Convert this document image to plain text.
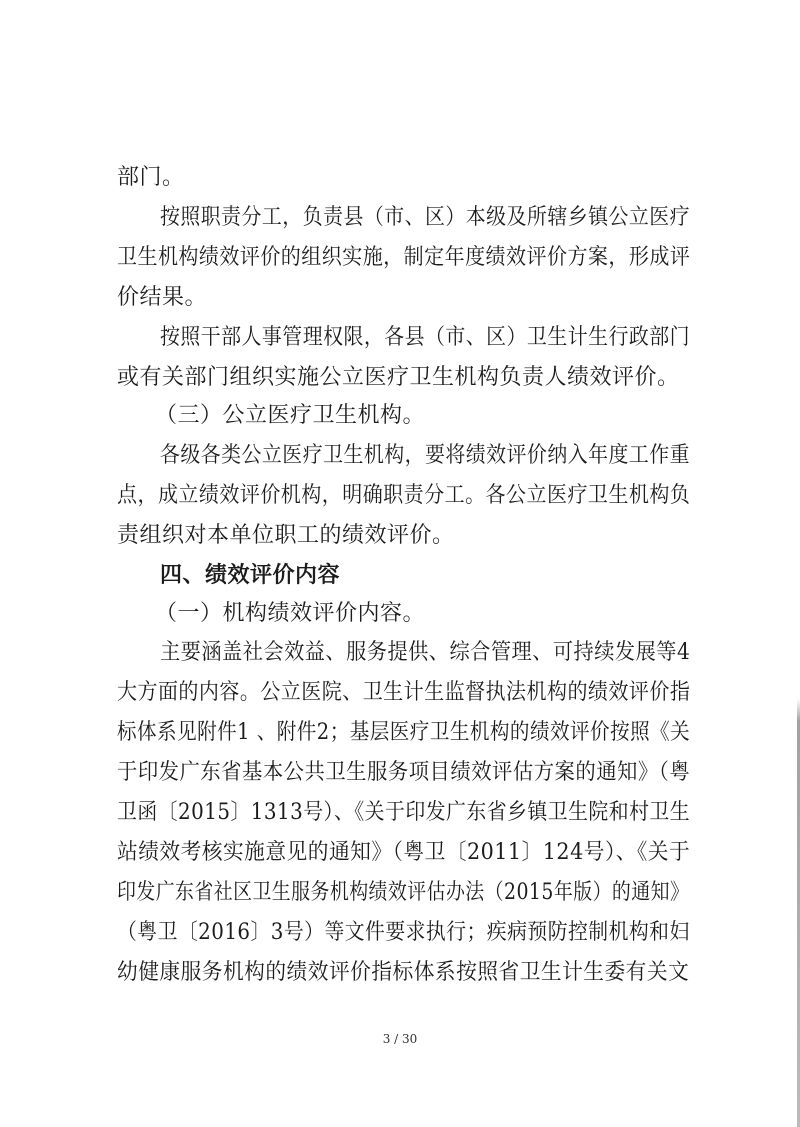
部门。
按照职责分工，负责县（市、区）本级及所辖乡镇公立医疗
卫生机构绩效评价的组织实施，制定年度绩效评价方案，形成评
价结果。
按照干部人事管理权限，各县（市、区）卫生计生行政部门
或有关部门组织实施公立医疗卫生机构负责人绩效评价。
（三）公立医疗卫生机构。
各级各类公立医疗卫生机构，要将绩效评价纳入年度工作重
点，成立绩效评价机构，明确职责分工。各公立医疗卫生机构负
责组织对本单位职工的绩效评价。
四、绩效评价内容
（一）机构绩效评价内容。
主要涵盖社会效益、服务提供、综合管理、可持续发展等4
大方面的内容。公立医院、卫生计生监督执法机构的绩效评价指
标体系见附件1 、附件2；基层医疗卫生机构的绩效评价按照《关
于印发广东省基本公共卫生服务项目绩效评估方案的通知》（粤
卫函〔2015〕1313号）、《关于印发广东省乡镇卫生院和村卫生
站绩效考核实施意见的通知》（粤卫〔2011〕124号）、《关于
印发广东省社区卫生服务机构绩效评估办法（2015年版）的通知》
（粤卫〔2016〕3号）等文件要求执行；疾病预防控制机构和妇
幼健康服务机构的绩效评价指标体系按照省卫生计生委有关文
3 / 30
